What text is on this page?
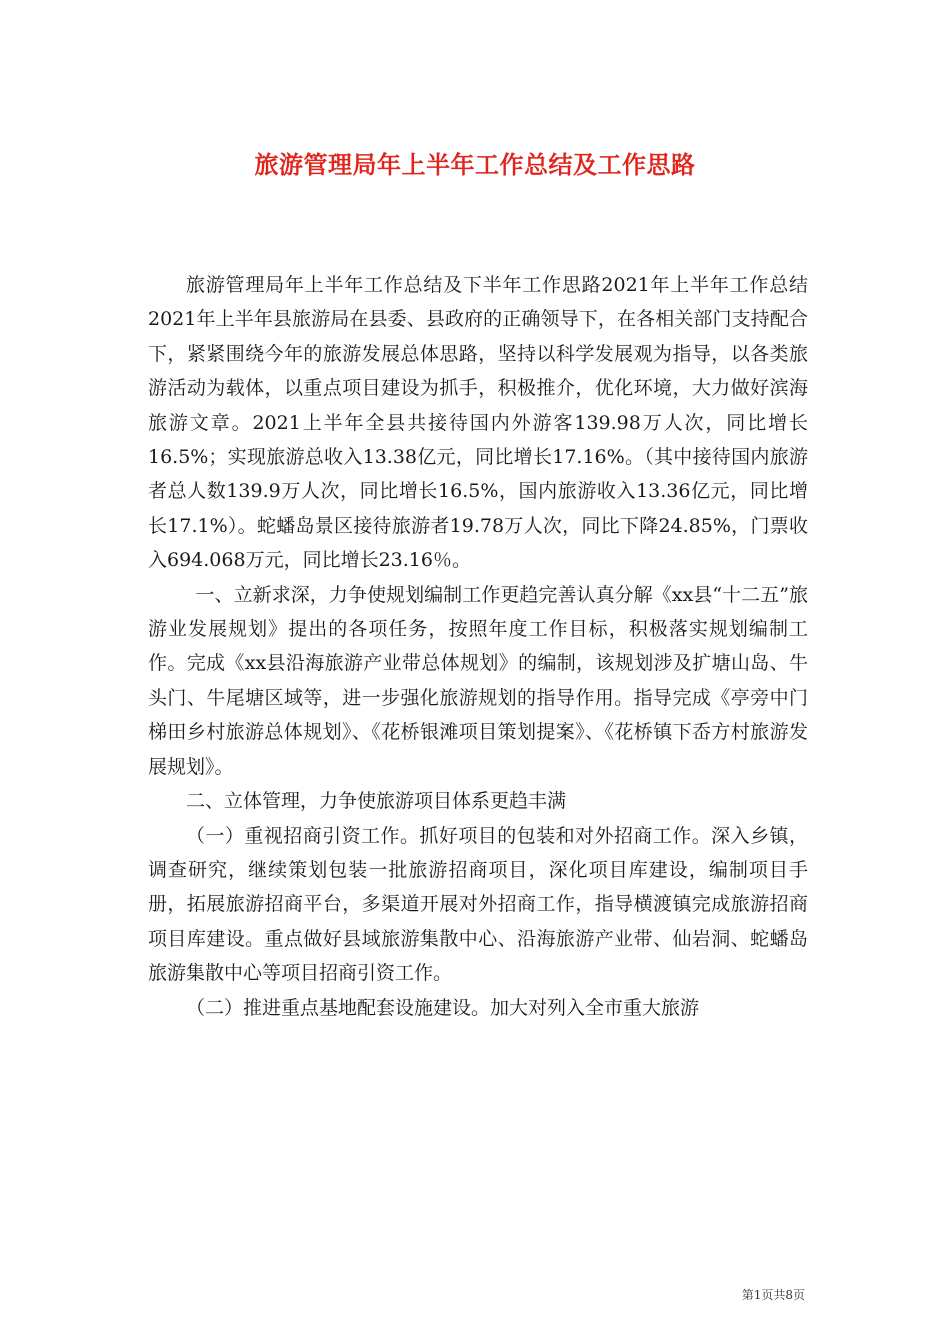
旅游管理局年上半年工作总结及工作思路

旅游管理局年上半年工作总结及下半年工作思路2021年上半年工作总结2021年上半年县旅游局在县委、县政府的正确领导下，在各相关部门支持配合下，紧紧围绕今年的旅游发展总体思路，坚持以科学发展观为指导，以各类旅游活动为载体，以重点项目建设为抓手，积极推介，优化环境，大力做好滨海旅游文章。2021上半年全县共接待国内外游客139.98万人次，同比增长16.5%；实现旅游总收入13.38亿元，同比增长17.16%。（其中接待国内旅游者总人数139.9万人次，同比增长16.5%，国内旅游收入13.36亿元，同比增长17.1%）。蛇蟠岛景区接待旅游者19.78万人次，同比下降24.85%，门票收入694.068万元，同比增长23.16％。

一、立新求深，力争使规划编制工作更趋完善认真分解《xx县“十二五”旅游业发展规划》提出的各项任务，按照年度工作目标，积极落实规划编制工作。完成《xx县沿海旅游产业带总体规划》的编制，该规划涉及扩塘山岛、牛头门、牛尾塘区域等，进一步强化旅游规划的指导作用。指导完成《亭旁中门梯田乡村旅游总体规划》、《花桥银滩项目策划提案》、《花桥镇下岙方村旅游发展规划》。

二、立体管理，力争使旅游项目体系更趋丰满

（一）重视招商引资工作。抓好项目的包装和对外招商工作。深入乡镇，调查研究，继续策划包装一批旅游招商项目，深化项目库建设，编制项目手册，拓展旅游招商平台，多渠道开展对外招商工作，指导横渡镇完成旅游招商项目库建设。重点做好县域旅游集散中心、沿海旅游产业带、仙岩洞、蛇蟠岛旅游集散中心等项目招商引资工作。

（二）推进重点基地配套设施建设。加大对列入全市重大旅游

第1页共8页
